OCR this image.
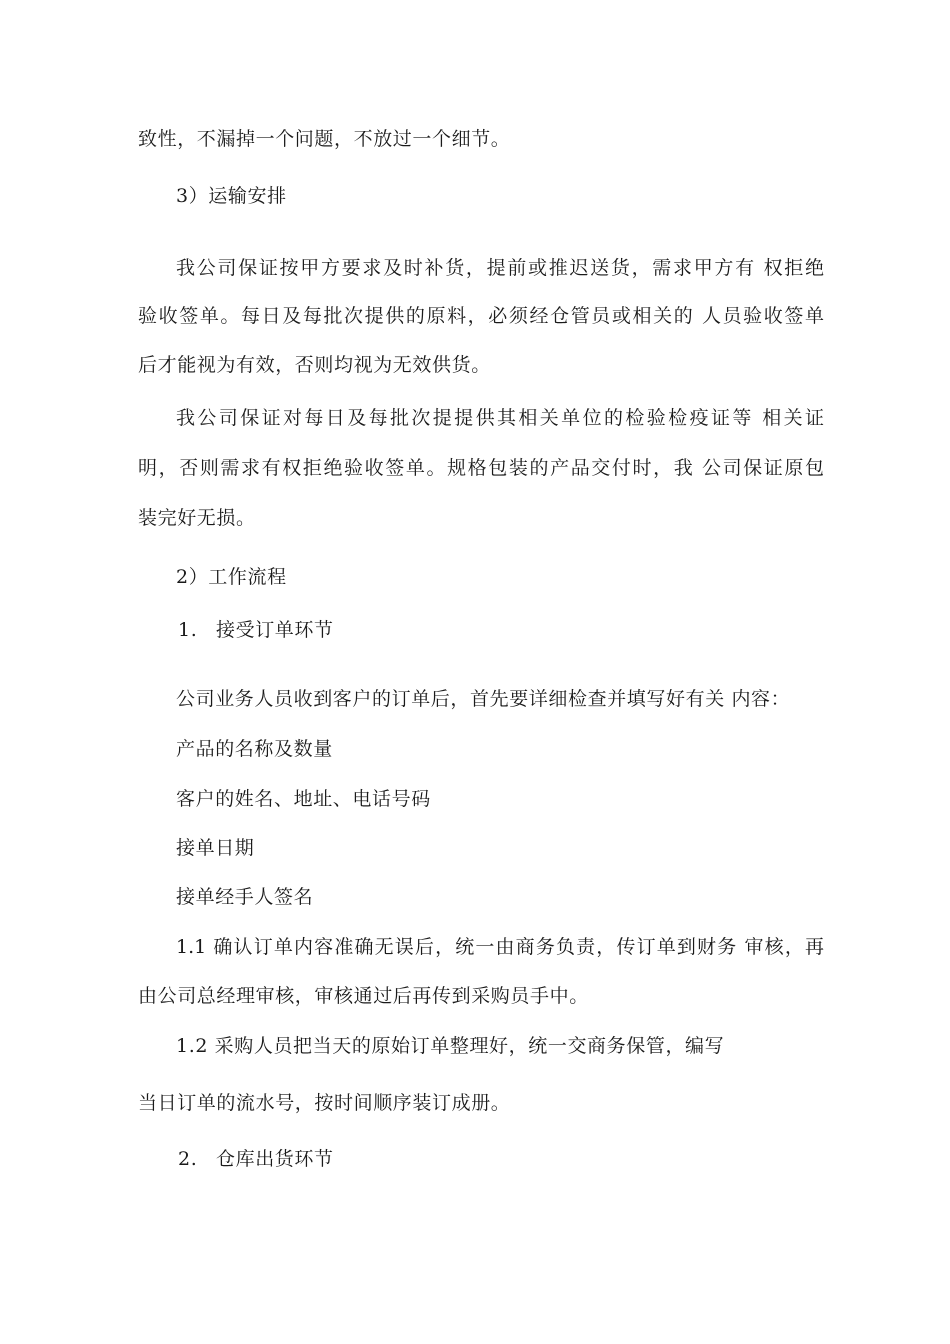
致性，不漏掉一个问题，不放过一个细节。
3）运输安排
我公司保证按甲方要求及时补货，提前或推迟送货，需求甲方有 权拒绝
验收签单。每日及每批次提供的原料，必须经仓管员或相关的 人员验收签单
后才能视为有效，否则均视为无效供货。
我公司保证对每日及每批次提提供其相关单位的检验检疫证等 相关证
明，否则需求有权拒绝验收签单。规格包装的产品交付时，我 公司保证原包
装完好无损。
2）工作流程
1. 接受订单环节
公司业务人员收到客户的订单后，首先要详细检查并填写好有关 内容：
产品的名称及数量
客户的姓名、地址、电话号码
接单日期
接单经手人签名
1.1 确认订单内容准确无误后，统一由商务负责，传订单到财务 审核，再
由公司总经理审核，审核通过后再传到采购员手中。
1.2 采购人员把当天的原始订单整理好，统一交商务保管，编写
当日订单的流水号，按时间顺序装订成册。
2. 仓库出货环节
